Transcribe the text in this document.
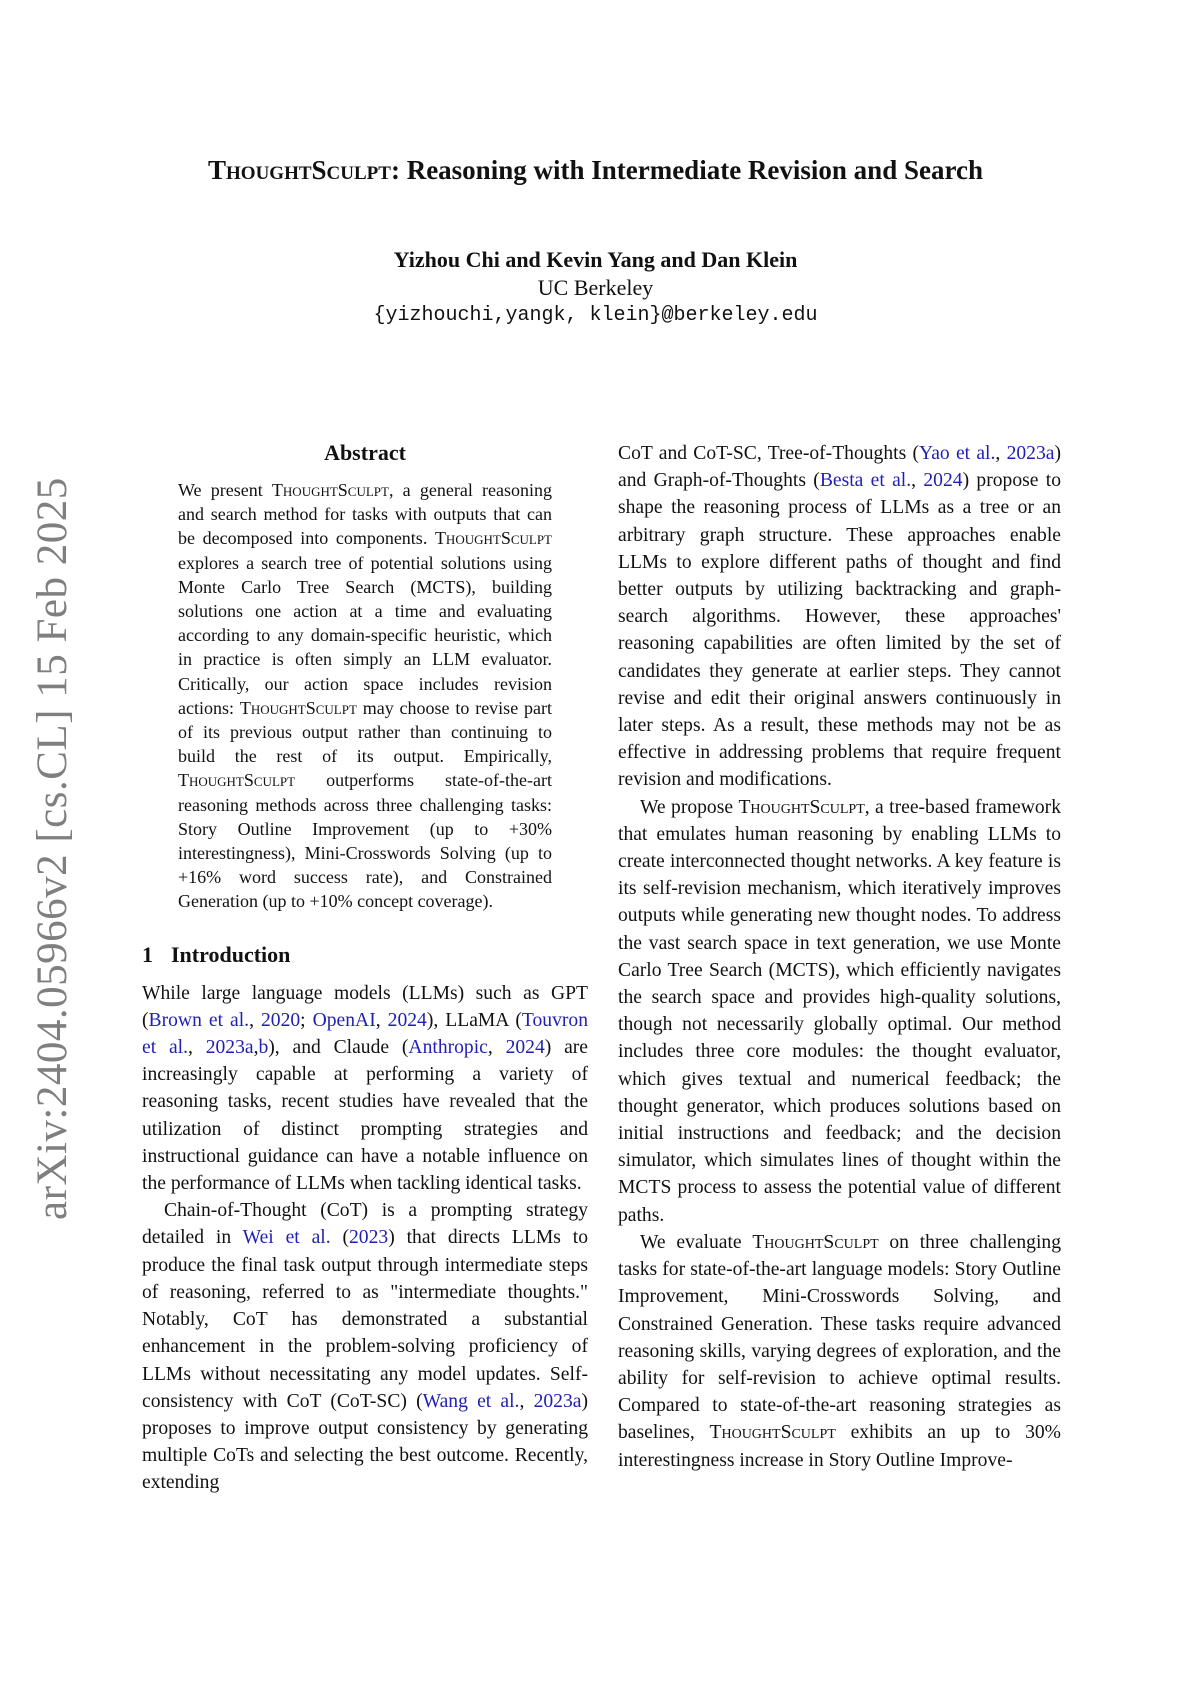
arXiv:2404.05966v2 [cs.CL] 15 Feb 2025
ThoughtSculpt: Reasoning with Intermediate Revision and Search
Yizhou Chi and Kevin Yang and Dan Klein
UC Berkeley
{yizhouchi,yangk, klein}@berkeley.edu
Abstract

We present ThoughtSculpt, a general reasoning and search method for tasks with outputs that can be decomposed into components. ThoughtSculpt explores a search tree of potential solutions using Monte Carlo Tree Search (MCTS), building solutions one action at a time and evaluating according to any domain-specific heuristic, which in practice is often simply an LLM evaluator. Critically, our action space includes revision actions: ThoughtSculpt may choose to revise part of its previous output rather than continuing to build the rest of its output. Empirically, ThoughtSculpt outperforms state-of-the-art reasoning methods across three challenging tasks: Story Outline Improvement (up to +30% interestingness), Mini-Crosswords Solving (up to +16% word success rate), and Constrained Generation (up to +10% concept coverage).

1 Introduction

While large language models (LLMs) such as GPT (Brown et al., 2020; OpenAI, 2024), LLaMA (Touvron et al., 2023a,b), and Claude (Anthropic, 2024) are increasingly capable at performing a variety of reasoning tasks, recent studies have revealed that the utilization of distinct prompting strategies and instructional guidance can have a notable influence on the performance of LLMs when tackling identical tasks.

Chain-of-Thought (CoT) is a prompting strategy detailed in Wei et al. (2023) that directs LLMs to produce the final task output through intermediate steps of reasoning, referred to as "intermediate thoughts." Notably, CoT has demonstrated a substantial enhancement in the problem-solving proficiency of LLMs without necessitating any model updates. Self-consistency with CoT (CoT-SC) (Wang et al., 2023a) proposes to improve output consistency by generating multiple CoTs and selecting the best outcome. Recently, extending

CoT and CoT-SC, Tree-of-Thoughts (Yao et al., 2023a) and Graph-of-Thoughts (Besta et al., 2024) propose to shape the reasoning process of LLMs as a tree or an arbitrary graph structure. These approaches enable LLMs to explore different paths of thought and find better outputs by utilizing backtracking and graph-search algorithms. However, these approaches' reasoning capabilities are often limited by the set of candidates they generate at earlier steps. They cannot revise and edit their original answers continuously in later steps. As a result, these methods may not be as effective in addressing problems that require frequent revision and modifications.

We propose ThoughtSculpt, a tree-based framework that emulates human reasoning by enabling LLMs to create interconnected thought networks. A key feature is its self-revision mechanism, which iteratively improves outputs while generating new thought nodes. To address the vast search space in text generation, we use Monte Carlo Tree Search (MCTS), which efficiently navigates the search space and provides high-quality solutions, though not necessarily globally optimal. Our method includes three core modules: the thought evaluator, which gives textual and numerical feedback; the thought generator, which produces solutions based on initial instructions and feedback; and the decision simulator, which simulates lines of thought within the MCTS process to assess the potential value of different paths.

We evaluate ThoughtSculpt on three challenging tasks for state-of-the-art language models: Story Outline Improvement, Mini-Crosswords Solving, and Constrained Generation. These tasks require advanced reasoning skills, varying degrees of exploration, and the ability for self-revision to achieve optimal results. Compared to state-of-the-art reasoning strategies as baselines, ThoughtSculpt exhibits an up to 30% interestingness increase in Story Outline Improve-
